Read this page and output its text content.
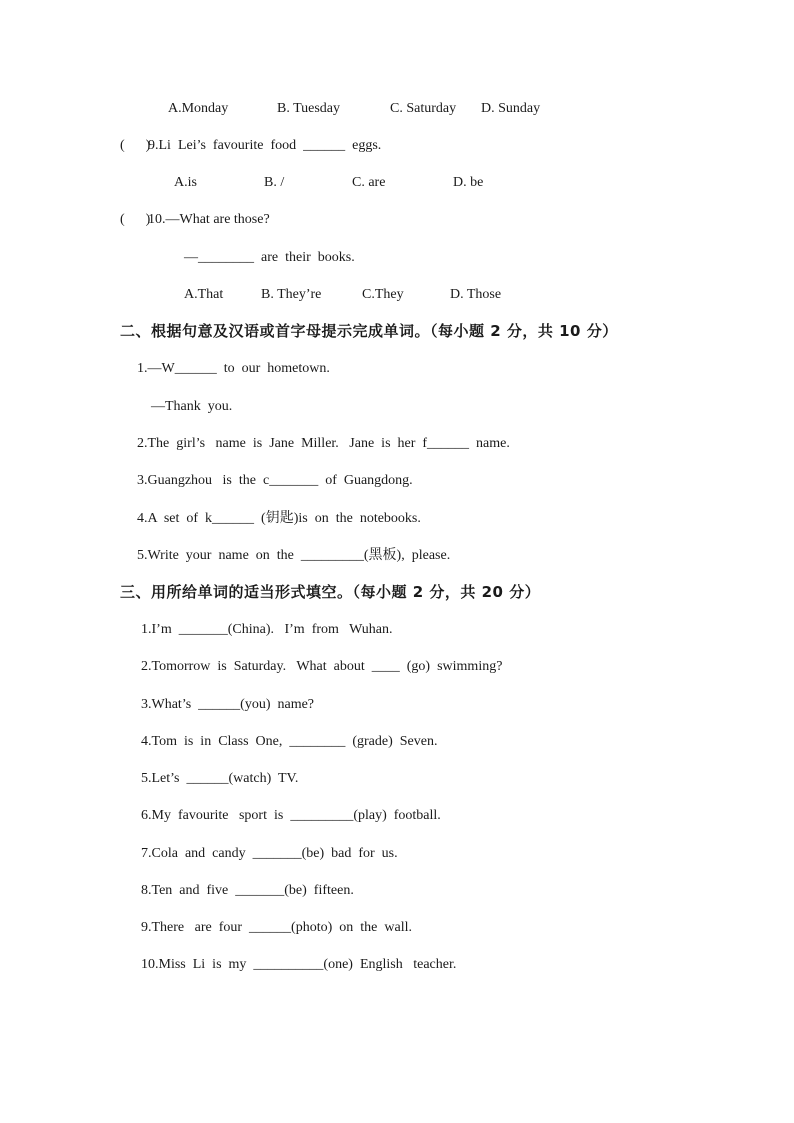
A.Monday	B. Tuesday	C. Saturday D. Sunday
(      )
9.Li  Lei’s  favourite  food  ______  eggs.
A.is	B. /	C. are	D. be
(      )
10.—What are those?
—________  are  their  books.
A.That	B. They’re	C.They	D. Those
二、根据句意及汉语或首字母提示完成单词。（每小题 2 分，共 10 分）
1.—W______  to  our  hometown.
—Thank  you.
2.The  girl’s   name  is  Jane  Miller.   Jane  is  her  f______  name.
3.Guangzhou   is  the  c_______  of  Guangdong.
4.A  set  of  k______  (钥匙)is  on  the  notebooks.
5.Write  your  name  on  the  _________(黑板),  please.
三、用所给单词的适当形式填空。（每小题 2 分，共 20 分）
1.I’m  _______(China).   I’m  from   Wuhan.
2.Tomorrow  is  Saturday.   What  about  ____  (go)  swimming?
3.What’s  ______(you)  name?
4.Tom  is  in  Class  One,  ________  (grade)  Seven.
5.Let’s  ______(watch)  TV.
6.My  favourite   sport  is  _________(play)  football.
7.Cola  and  candy  _______(be)  bad  for  us.
8.Ten  and  five  _______(be)  fifteen.
9.There   are  four  ______(photo)  on  the  wall.
10.Miss  Li  is  my  __________(one)  English   teacher.
